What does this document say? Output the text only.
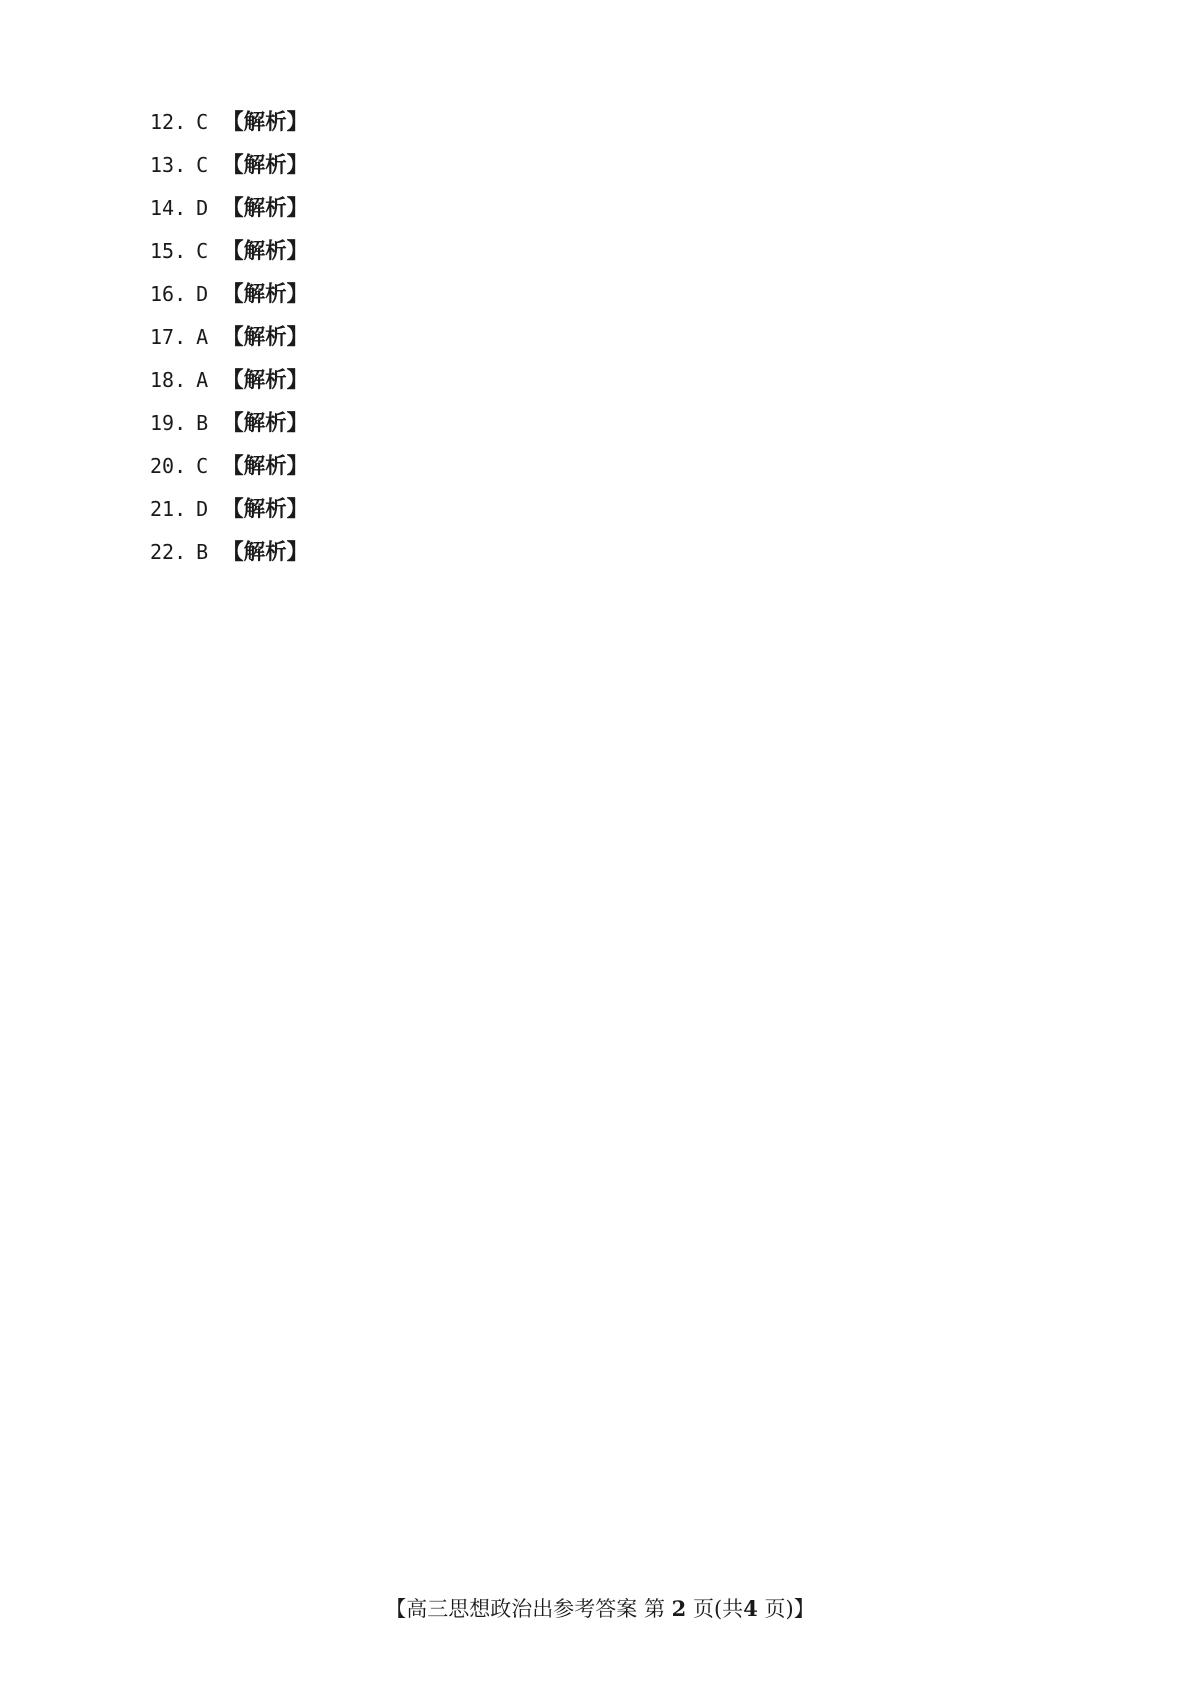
12. C 【解析】
13. C 【解析】
14. D 【解析】
15. C 【解析】
16. D 【解析】
17. A 【解析】
18. A 【解析】
19. B 【解析】
20. C 【解析】
21. D 【解析】
22. B 【解析】
【高三思想政治出参考答案 第 2 页(共4 页)】
